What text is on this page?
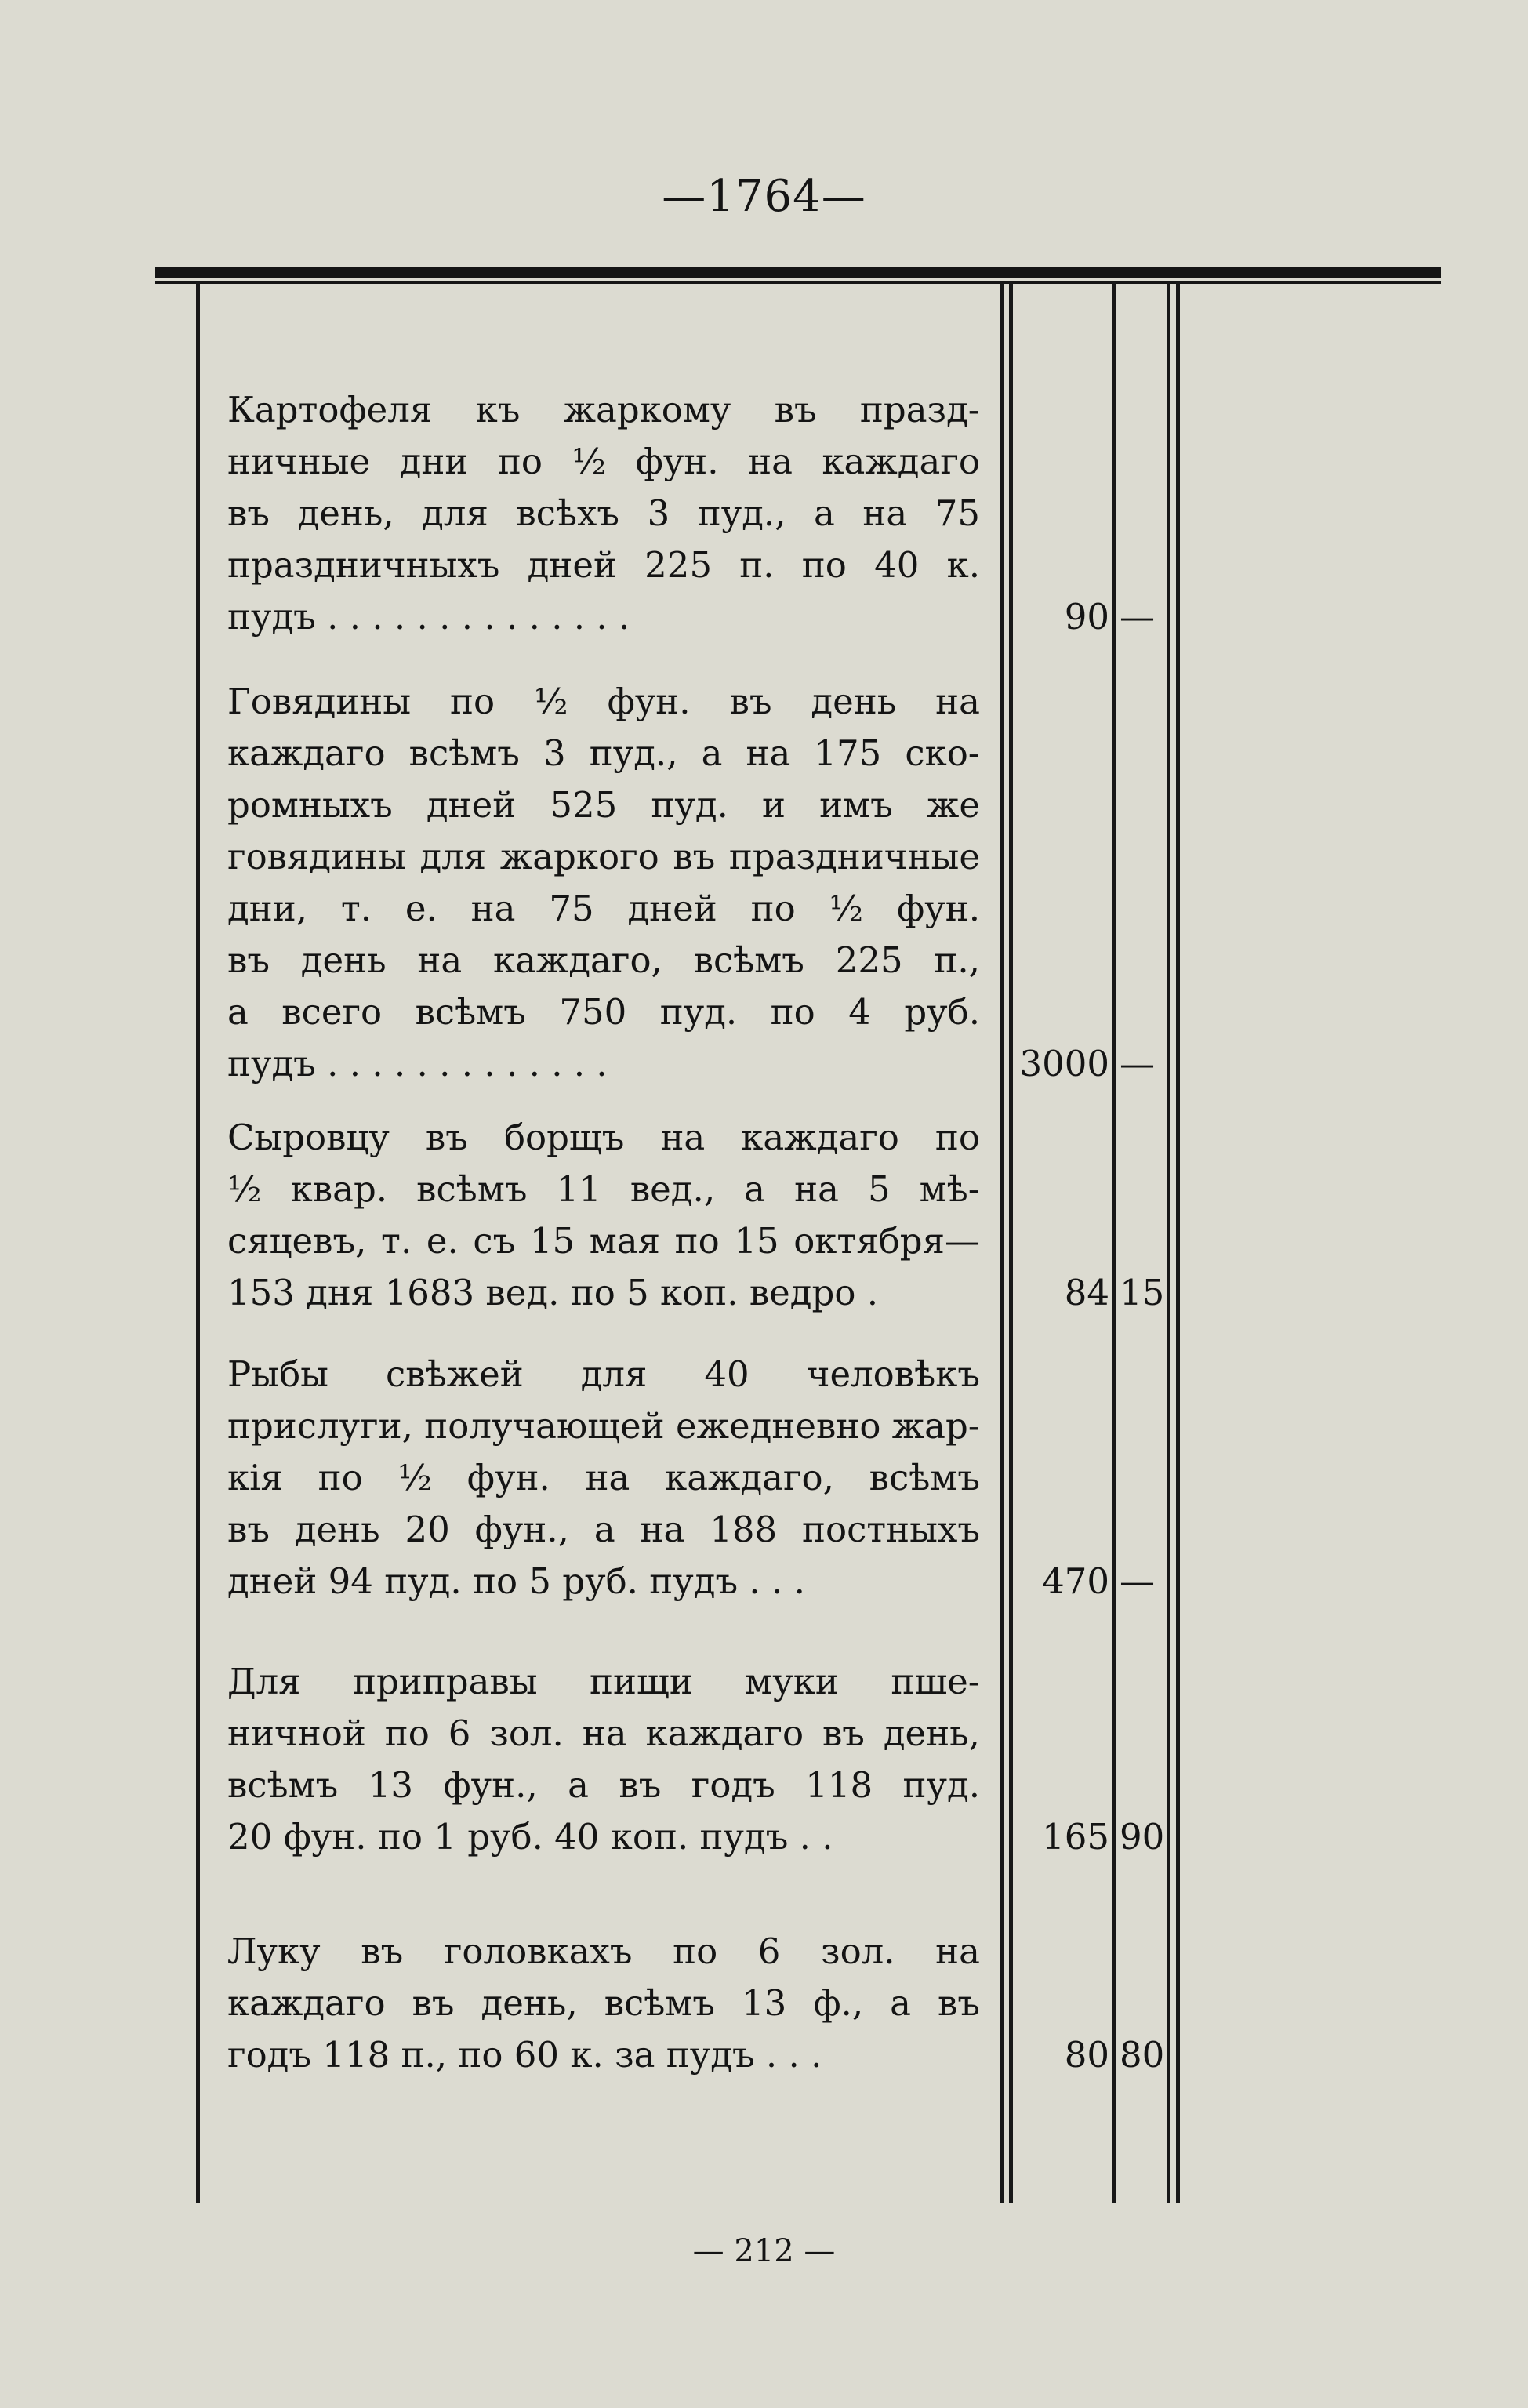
—1764—
Картофеля къ жаркому въ празд-
ничные дни по ½ фун. на каждаго
въ день, для всѣхъ 3 пуд., а на 75
праздничныхъ дней 225 п. по 40 к.
пудъ . . . . . . . . . . . . . .	90 —
Говядины по ½ фун. въ день на
каждаго всѣмъ 3 пуд., а на 175 ско-
ромныхъ дней 525 пуд. и имъ же
говядины для жаркого въ праздничные
дни, т. е. на 75 дней по ½ фун.
въ день на каждаго, всѣмъ 225 п.,
а всего всѣмъ 750 пуд. по 4 руб.
пудъ . . . . . . . . . . . . .	3000 —
Сыровцу въ борщъ на каждаго по
½ квар. всѣмъ 11 вед., а на 5 мѣ-
сяцевъ, т. е. съ 15 мая по 15 октября—
153 дня 1683 вед. по 5 коп. ведро .	84 15
Рыбы свѣжей для 40 человѣкъ
прислуги, получающей ежедневно жар-
кія по ½ фун. на каждаго, всѣмъ
въ день 20 фун., а на 188 постныхъ
дней 94 пуд. по 5 руб. пудъ . . .	470 —
Для приправы пищи муки пше-
ничной по 6 зол. на каждаго въ день,
всѣмъ 13 фун., а въ годъ 118 пуд.
20 фун. по 1 руб. 40 коп. пудъ . .	165 90
Луку въ головкахъ по 6 зол. на
каждаго въ день, всѣмъ 13 ф., а въ
годъ 118 п., по 60 к. за пудъ . . .	80 80
— 212 —
